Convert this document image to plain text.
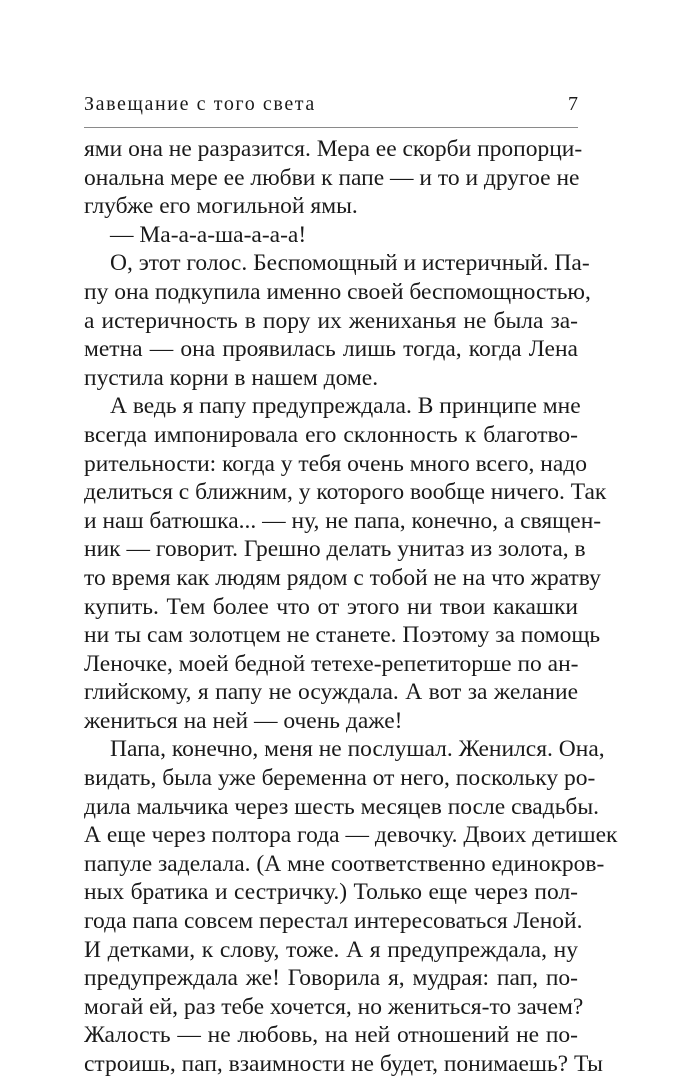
Завещание с того света	7
ями она не разразится. Мера ее скорби пропорци-
ональна мере ее любви к папе — и то и другое не
глубже его могильной ямы.
— Ма-а-а-ша-а-а-а!
О, этот голос. Беспомощный и истеричный. Па-
пу она подкупила именно своей беспомощностью,
а истеричность в пору их жениханья не была за-
метна — она проявилась лишь тогда, когда Лена
пустила корни в нашем доме.
А ведь я папу предупреждала. В принципе мне
всегда импонировала его склонность к благотво-
рительности: когда у тебя очень много всего, надо
делиться с ближним, у которого вообще ничего. Так
и наш батюшка... — ну, не папа, конечно, а священ-
ник — говорит. Грешно делать унитаз из золота, в
то время как людям рядом с тобой не на что жратву
купить. Тем более что от этого ни твои какашки
ни ты сам золотцем не станете. Поэтому за помощь
Леночке, моей бедной тетехе-репетиторше по ан-
глийскому, я папу не осуждала. А вот за желание
жениться на ней — очень даже!
Папа, конечно, меня не послушал. Женился. Она,
видать, была уже беременна от него, поскольку ро-
дила мальчика через шесть месяцев после свадьбы.
А еще через полтора года — девочку. Двоих детишек
папуле заделала. (А мне соответственно единокров-
ных братика и сестричку.) Только еще через пол-
года папа совсем перестал интересоваться Леной.
И детками, к слову, тоже. А я предупреждала, ну
предупреждала же! Говорила я, мудрая: пап, по-
могай ей, раз тебе хочется, но жениться-то зачем?
Жалость — не любовь, на ней отношений не по-
строишь, пап, взаимности не будет, понимаешь? Ты
